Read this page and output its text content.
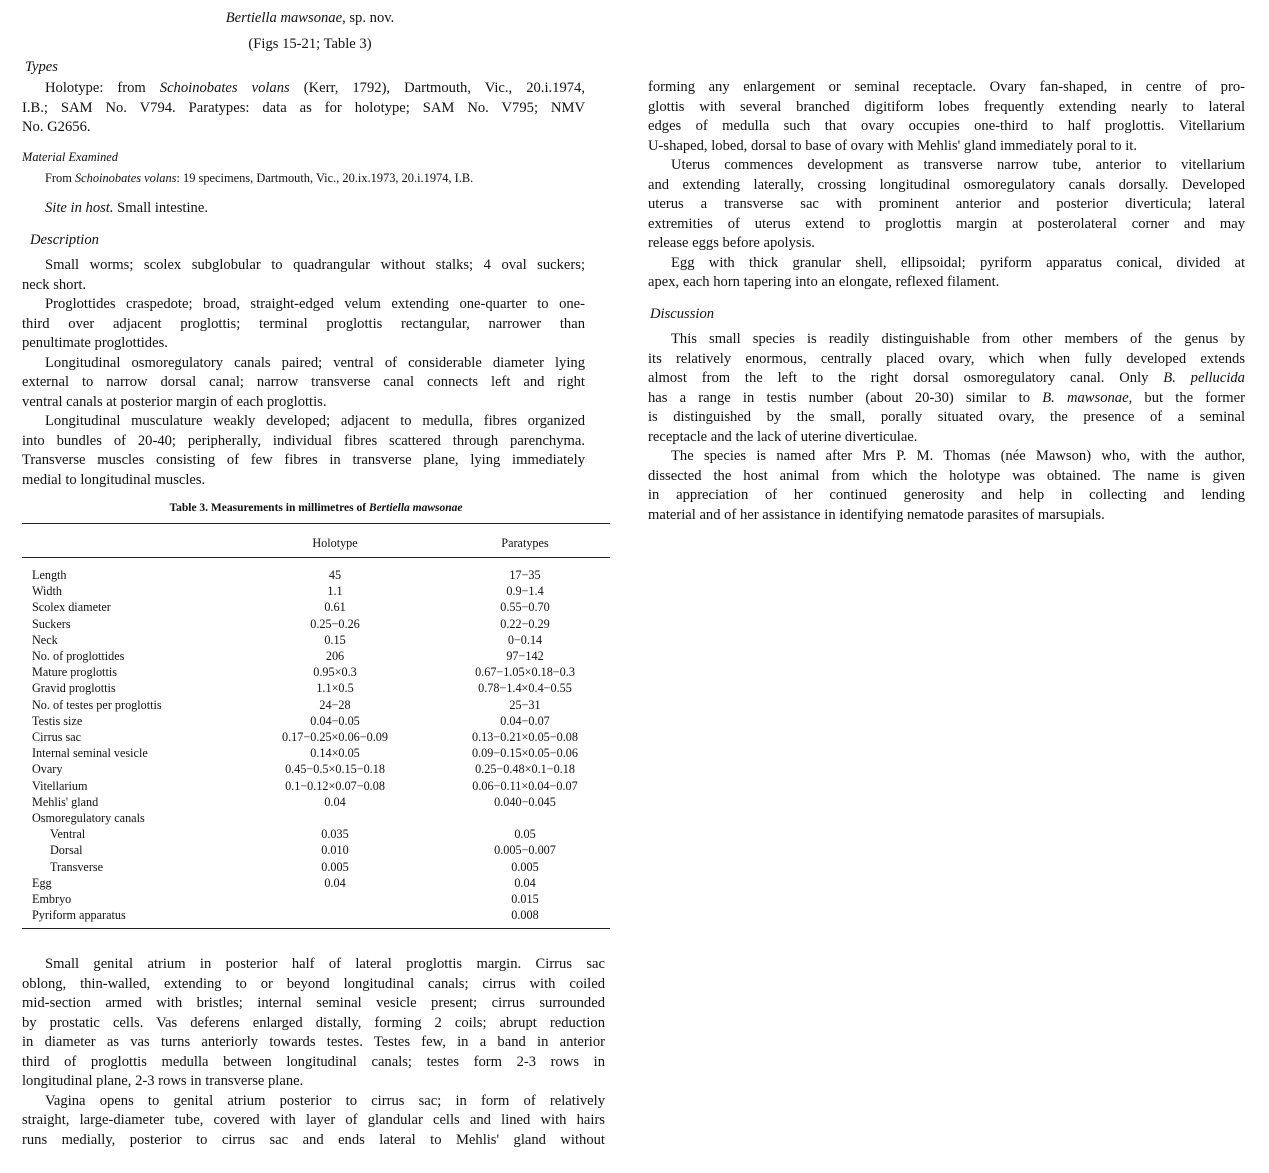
Bertiella mawsonae, sp. nov.
(Figs 15-21; Table 3)
Types
Holotype: from Schoinobates volans (Kerr, 1792), Dartmouth, Vic., 20.i.1974,
I.B.; SAM No. V794. Paratypes: data as for holotype; SAM No. V795; NMV
No. G2656.
Material Examined
From Schoinobates volans: 19 specimens, Dartmouth, Vic., 20.ix.1973, 20.i.1974, I.B.
Site in host. Small intestine.
Description
Small worms; scolex subglobular to quadrangular without stalks; 4 oval suckers;
neck short.
Proglottides craspedote; broad, straight-edged velum extending one-quarter to one-
third over adjacent proglottis; terminal proglottis rectangular, narrower than
penultimate proglottides.
Longitudinal osmoregulatory canals paired; ventral of considerable diameter lying
external to narrow dorsal canal; narrow transverse canal connects left and right
ventral canals at posterior margin of each proglottis.
Longitudinal musculature weakly developed; adjacent to medulla, fibres organized
into bundles of 20-40; peripherally, individual fibres scattered through parenchyma.
Transverse muscles consisting of few fibres in transverse plane, lying immediately
medial to longitudinal muscles.
Table 3. Measurements in millimetres of Bertiella mawsonae
	Holotype	Paratypes
Length	45	17−35
Width	1.1	0.9−1.4
Scolex diameter	0.61	0.55−0.70
Suckers	0.25−0.26	0.22−0.29
Neck	0.15	0−0.14
No. of proglottides	206	97−142
Mature proglottis	0.95×0.3	0.67−1.05×0.18−0.3
Gravid proglottis	1.1×0.5	0.78−1.4×0.4−0.55
No. of testes per proglottis	24−28	25−31
Testis size	0.04−0.05	0.04−0.07
Cirrus sac	0.17−0.25×0.06−0.09	0.13−0.21×0.05−0.08
Internal seminal vesicle	0.14×0.05	0.09−0.15×0.05−0.06
Ovary	0.45−0.5×0.15−0.18	0.25−0.48×0.1−0.18
Vitellarium	0.1−0.12×0.07−0.08	0.06−0.11×0.04−0.07
Mehlis' gland	0.04	0.040−0.045
Osmoregulatory canals		
Ventral	0.035	0.05
Dorsal	0.010	0.005−0.007
Transverse	0.005	0.005
Egg	0.04	0.04
Embryo		0.015
Pyriform apparatus		0.008
Small genital atrium in posterior half of lateral proglottis margin. Cirrus sac
oblong, thin-walled, extending to or beyond longitudinal canals; cirrus with coiled
mid-section armed with bristles; internal seminal vesicle present; cirrus surrounded
by prostatic cells. Vas deferens enlarged distally, forming 2 coils; abrupt reduction
in diameter as vas turns anteriorly towards testes. Testes few, in a band in anterior
third of proglottis medulla between longitudinal canals; testes form 2-3 rows in
longitudinal plane, 2-3 rows in transverse plane.
Vagina opens to genital atrium posterior to cirrus sac; in form of relatively
straight, large-diameter tube, covered with layer of glandular cells and lined with hairs
runs medially, posterior to cirrus sac and ends lateral to Mehlis' gland without
forming any enlargement or seminal receptacle. Ovary fan-shaped, in centre of pro-
glottis with several branched digitiform lobes frequently extending nearly to lateral
edges of medulla such that ovary occupies one-third to half proglottis. Vitellarium
U-shaped, lobed, dorsal to base of ovary with Mehlis' gland immediately poral to it.
Uterus commences development as transverse narrow tube, anterior to vitellarium
and extending laterally, crossing longitudinal osmoregulatory canals dorsally. Developed
uterus a transverse sac with prominent anterior and posterior diverticula; lateral
extremities of uterus extend to proglottis margin at posterolateral corner and may
release eggs before apolysis.
Egg with thick granular shell, ellipsoidal; pyriform apparatus conical, divided at
apex, each horn tapering into an elongate, reflexed filament.
Discussion
This small species is readily distinguishable from other members of the genus by
its relatively enormous, centrally placed ovary, which when fully developed extends
almost from the left to the right dorsal osmoregulatory canal. Only B. pellucida
has a range in testis number (about 20-30) similar to B. mawsonae, but the former
is distinguished by the small, porally situated ovary, the presence of a seminal
receptacle and the lack of uterine diverticulae.
The species is named after Mrs P. M. Thomas (née Mawson) who, with the author,
dissected the host animal from which the holotype was obtained. The name is given
in appreciation of her continued generosity and help in collecting and lending
material and of her assistance in identifying nematode parasites of marsupials.
